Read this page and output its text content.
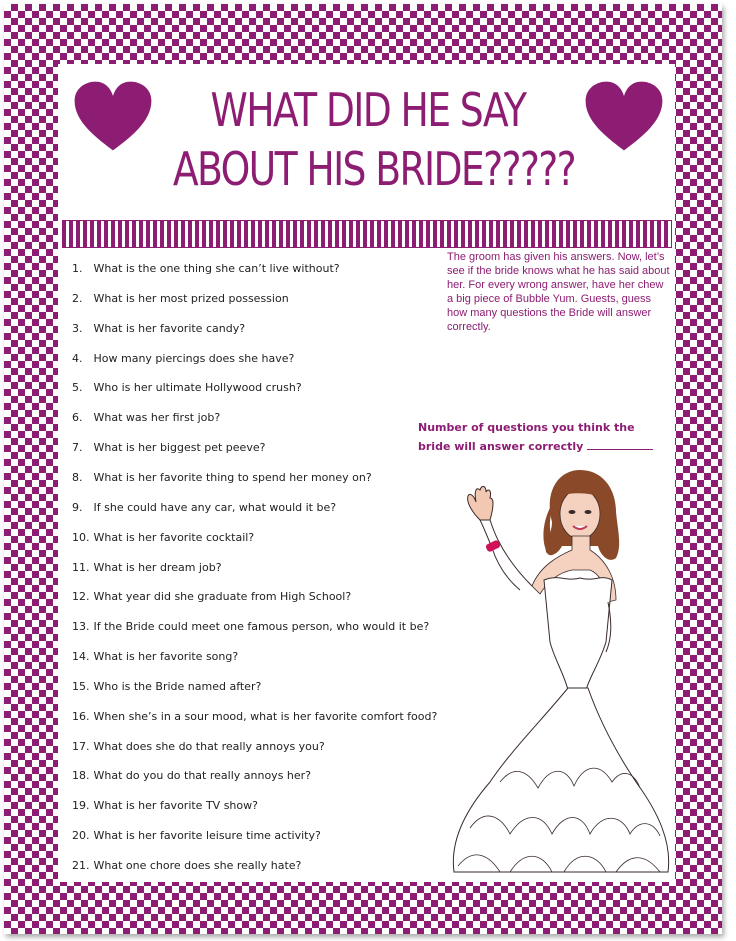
WHAT DID HE SAY
ABOUT HIS BRIDE?????
The groom has given his answers. Now, let’s see if the bride knows what he has said about her. For every wrong answer, have her chew a big piece of Bubble Yum. Guests, guess how many questions the Bride will answer correctly.
1. What is the one thing she can’t live without?
2. What is her most prized possession
3. What is her favorite candy?
4. How many piercings does she have?
5. Who is her ultimate Hollywood crush?
6. What was her first job?
7. What is her biggest pet peeve?
8. What is her favorite thing to spend her money on?
9. If she could have any car, what would it be?
10. What is her favorite cocktail?
11. What is her dream job?
12. What year did she graduate from High School?
13. If the Bride could meet one famous person, who would it be?
14. What is her favorite song?
15. Who is the Bride named after?
16. When she’s in a sour mood, what is her favorite comfort food?
17. What does she do that really annoys you?
18. What do you do that really annoys her?
19. What is her favorite TV show?
20. What is her favorite leisure time activity?
21. What one chore does she really hate?
Number of questions you think the
bride will answer correctly
